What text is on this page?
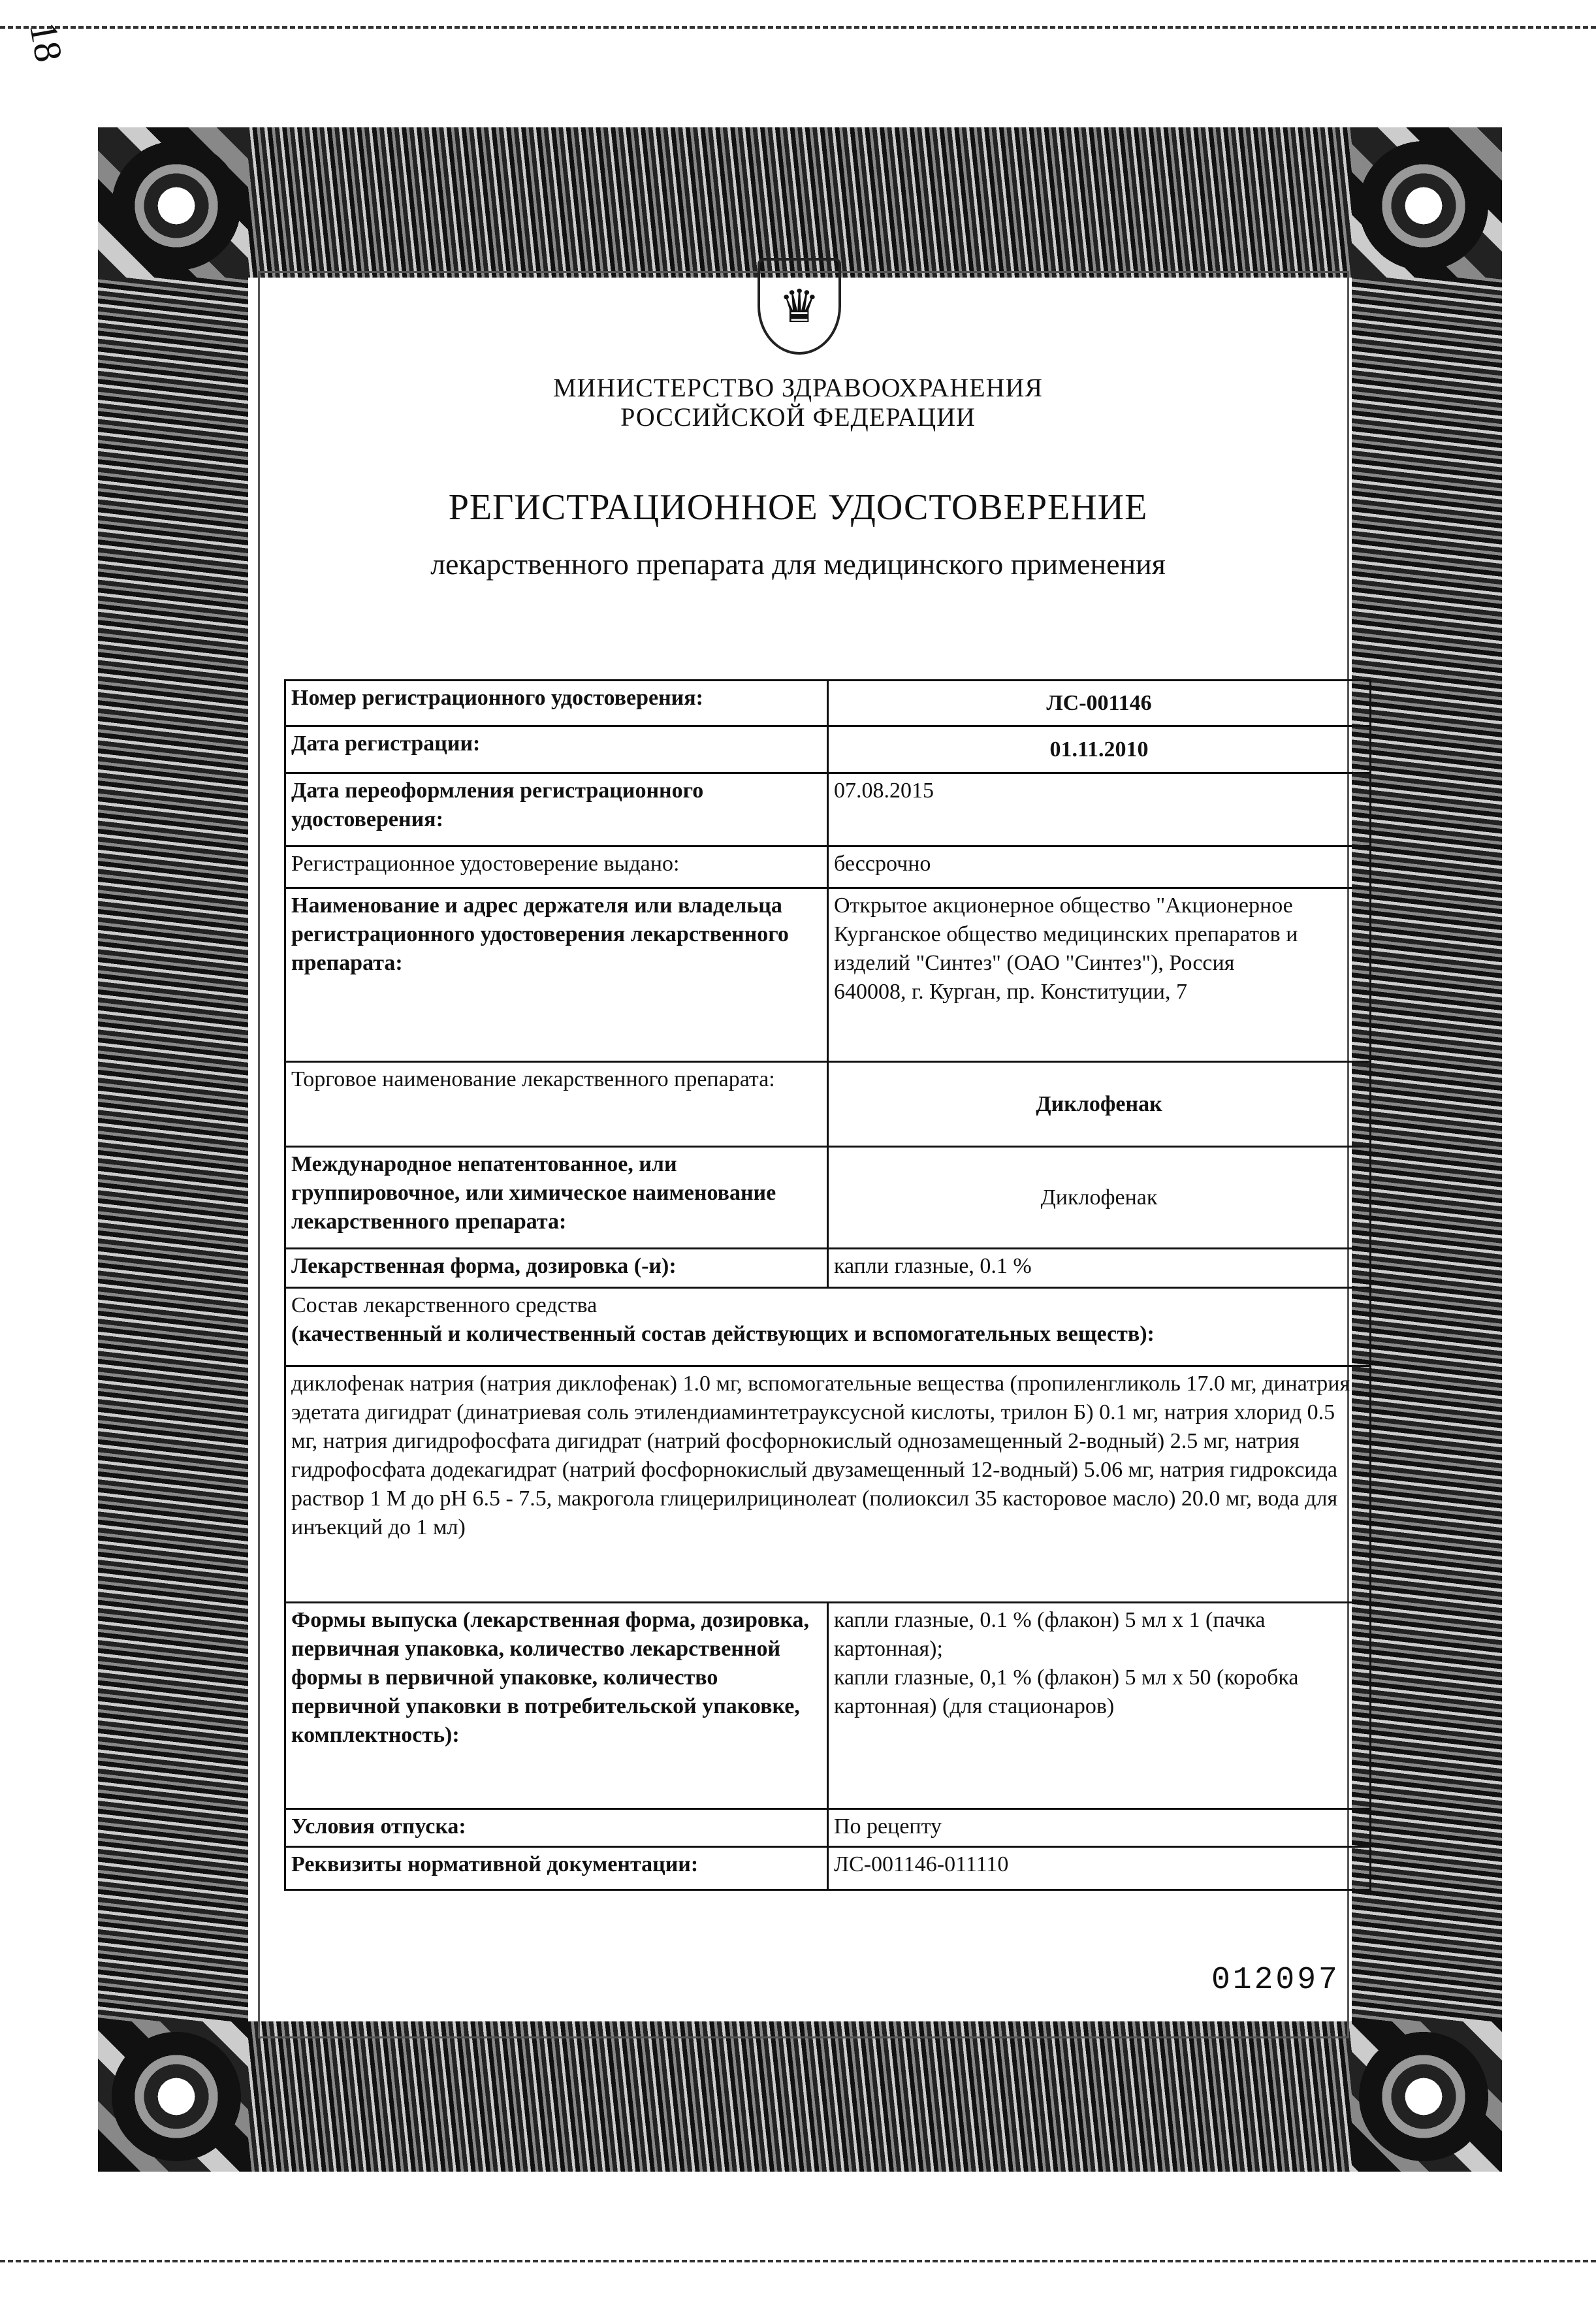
18
♛
МИНИСТЕРСТВО ЗДРАВООХРАНЕНИЯ
РОССИЙСКОЙ ФЕДЕРАЦИИ
РЕГИСТРАЦИОННОЕ УДОСТОВЕРЕНИЕ
лекарственного препарата для медицинского применения
Номер регистрационного удостоверения:	ЛС-001146
Дата регистрации:	01.11.2010
Дата переоформления регистрационного удостоверения:	07.08.2015
Регистрационное удостоверение выдано:	бессрочно
Наименование и адрес держателя или владельца регистрационного удостоверения лекарственного препарата:	Открытое акционерное общество "Акционерное Курганское общество медицинских препаратов и изделий "Синтез" (ОАО "Синтез"), Россия
640008, г. Курган, пр. Конституции, 7

Торговое наименование лекарственного препарата:	Диклофенак
Международное непатентованное, или группировочное, или химическое наименование лекарственного препарата:	Диклофенак
Лекарственная форма, дозировка (-и):	капли глазные, 0.1 %

Состав лекарственного средства
(качественный и количественный состав действующих и вспомогательных веществ):	

диклофенак натрия (натрия диклофенак) 1.0 мг, вспомогательные вещества (пропиленгликоль 17.0 мг, динатрия эдетата дигидрат (динатриевая соль этилендиаминтетрауксусной кислоты, трилон Б) 0.1 мг, натрия хлорид 0.5 мг, натрия дигидрофосфата дигидрат (натрий фосфорнокислый однозамещенный 2-водный) 2.5 мг, натрия гидрофосфата додекагидрат (натрий фосфорнокислый двузамещенный 12-водный) 5.06 мг, натрия гидроксида раствор 1 М до pH 6.5 - 7.5, макрогола глицерилрицинолеат (полиоксил 35 касторовое масло) 20.0 мг, вода для инъекций до 1 мл)	
Формы выпуска (лекарственная форма, дозировка, первичная упаковка, количество лекарственной формы в первичной упаковке, количество первичной упаковки в потребительской упаковке, комплектность):	капли глазные, 0.1 % (флакон) 5 мл x 1 (пачка картонная);
капли глазные, 0,1 % (флакон) 5 мл x 50 (коробка картонная) (для стационаров)

Условия отпуска:	По рецепту
Реквизиты нормативной документации:	ЛС-001146-011110
012097
